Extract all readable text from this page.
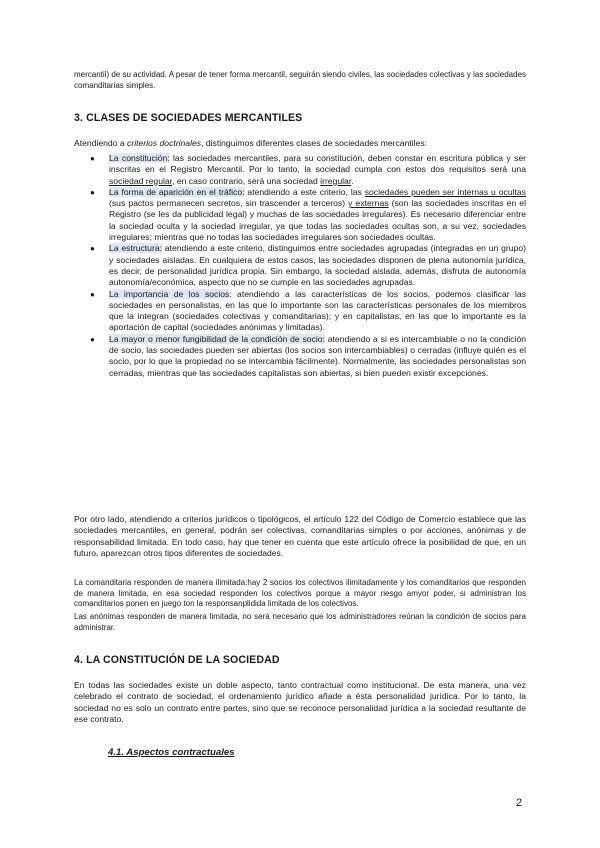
mercantil) de su actividad. A pesar de tener forma mercantil, seguirán siendo civiles, las sociedades colectivas y las sociedades comanditarias simples.

3. CLASES DE SOCIEDADES MERCANTILES

Atendiendo a criterios doctrinales, distinguimos diferentes clases de sociedades mercantiles:

● La constitución: las sociedades mercantiles, para su constitución, deben constar en escritura pública y ser inscritas en el Registro Mercantil. Por lo tanto, la sociedad cumpla con estos dos requisitos será una sociedad regular, en caso contrario, será una sociedad irregular.
● La forma de aparición en el tráfico: atendiendo a este criterio, las sociedades pueden ser internas u ocultas (sus pactos permanecen secretos, sin trascender a terceros) y externas (son las sociedades inscritas en el Registro (se les da publicidad legal) y muchas de las sociedades irregulares). Es necesario diferenciar entre la sociedad oculta y la sociedad irregular, ya que todas las sociedades ocultas son, a su vez, sociedades irregulares; mientras que no todas las sociedades irregulares son sociedades ocultas.
● La estructura: atendiendo a este criterio, distinguimos entre sociedades agrupadas (integradas en un grupo) y sociedades aisladas. En cualquiera de estos casos, las sociedades disponen de plena autonomía jurídica, es decir, de personalidad jurídica propia. Sin embargo, la sociedad aislada, además, disfruta de autonomía autonomía/económica, aspecto que no se cumple en las sociedades agrupadas.
● La importancia de los socios: atendiendo a las características de los socios, podemos clasificar las sociedades en personalistas, en las que lo importante son las características personales de los miembros que la integran (sociedades colectivas y comanditarias); y en capitalistas, en las que lo importante es la aportación de capital (sociedades anónimas y limitadas).
● La mayor o menor fungibilidad de la condición de socio: atendiendo a si es intercambiable o no la condición de socio, las sociedades pueden ser abiertas (los socios son intercambiables) o cerradas (influye quién es el socio, por lo que la propiedad no se intercambia fácilmente). Normalmente, las sociedades personalistas son cerradas, mientras que las sociedades capitalistas son abiertas, si bien pueden existir excepciones.

Por otro lado, atendiendo a criterios jurídicos o tipológicos, el artículo 122 del Código de Comercio establece que las sociedades mercantiles, en general, podrán ser colectivas, comanditarias simples o por acciones, anónimas y de responsabilidad limitada. En todo caso, hay que tener en cuenta que este artículo ofrece la posibilidad de que, en un futuro, aparezcan otros tipos diferentes de sociedades.

La comanditaria responden de manera ilimitada:hay 2 socios los colectivos ilimitadamente y los comanditarios que responden de manera limitada, en esa sociedad responden los colectivos porque a mayor riesgo amyor poder, si administran los comanditarios ponen en juego ton la responsanplidida limitada de los colectivos.

Las anónimas responden de manera limitada, no será necesario que los administradores reúnan la condición de socios para administrar.

4. LA CONSTITUCIÓN DE LA SOCIEDAD

En todas las sociedades existe un doble aspecto, tanto contractual como institucional. De esta manera, una vez celebrado el contrato de sociedad, el ordenamiento jurídico añade a ésta personalidad jurídica. Por lo tanto, la sociedad no es solo un contrato entre partes, sino que se reconoce personalidad jurídica a la sociedad resultante de ese contrato.

4.1. Aspectos contractuales
2
